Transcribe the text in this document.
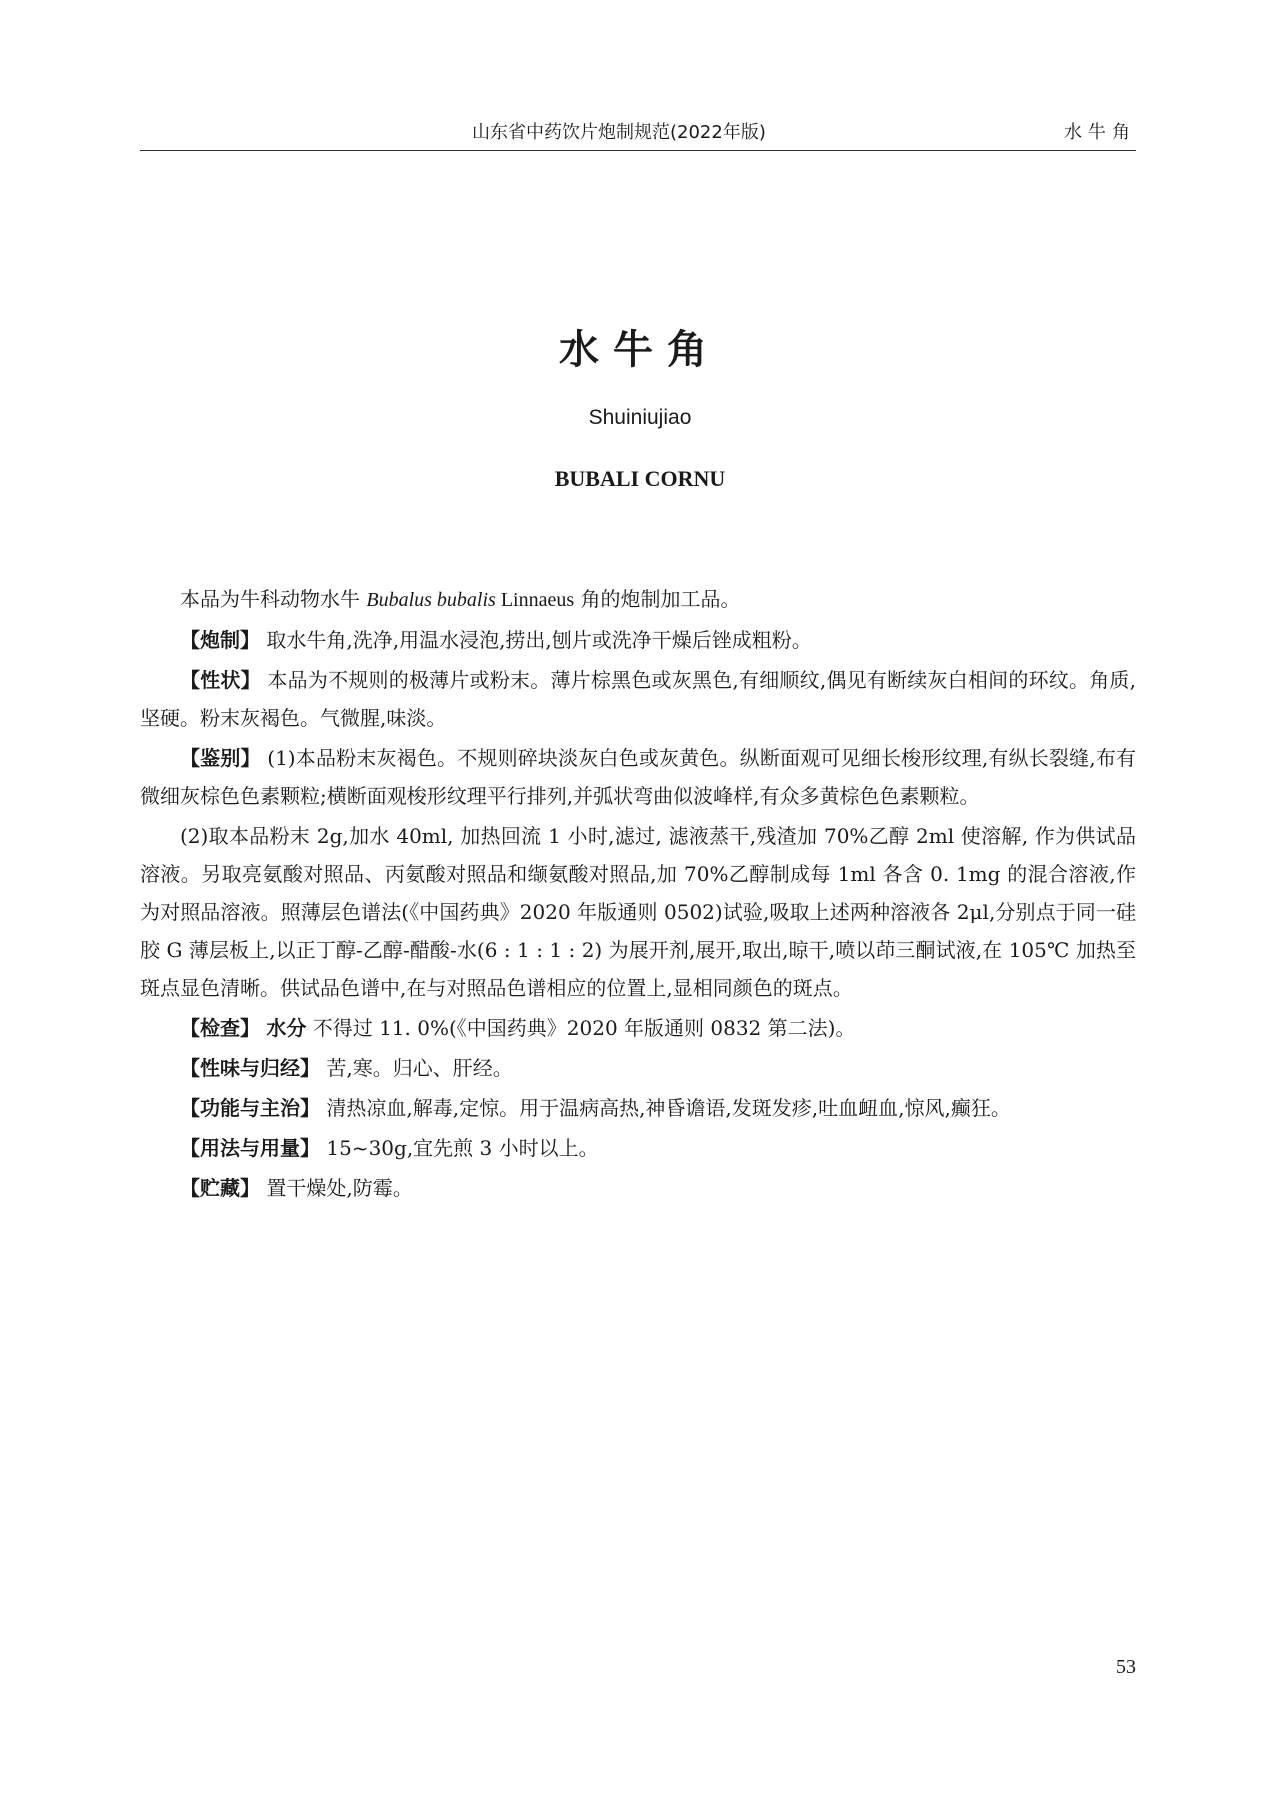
山东省中药饮片炮制规范(2022年版)	水牛角
水牛角
Shuiniujiao
BUBALI CORNU

本品为牛科动物水牛 Bubalus bubalis Linnaeus 角的炮制加工品。

【炮制】 取水牛角,洗净,用温水浸泡,捞出,刨片或洗净干燥后锉成粗粉。

【性状】 本品为不规则的极薄片或粉末。薄片棕黑色或灰黑色,有细顺纹,偶见有断续灰白相间的环纹。角质,坚硬。粉末灰褐色。气微腥,味淡。

【鉴别】 (1)本品粉末灰褐色。不规则碎块淡灰白色或灰黄色。纵断面观可见细长梭形纹理,有纵长裂缝,布有微细灰棕色色素颗粒;横断面观梭形纹理平行排列,并弧状弯曲似波峰样,有众多黄棕色色素颗粒。

(2)取本品粉末 2g,加水 40ml, 加热回流 1 小时,滤过, 滤液蒸干,残渣加 70%乙醇 2ml 使溶解, 作为供试品溶液。另取亮氨酸对照品、丙氨酸对照品和缬氨酸对照品,加 70%乙醇制成每 1ml 各含 0. 1mg 的混合溶液,作为对照品溶液。照薄层色谱法(《中国药典》2020 年版通则 0502)试验,吸取上述两种溶液各 2μl,分别点于同一硅胶 G 薄层板上,以正丁醇-乙醇-醋酸-水(6 : 1 : 1 : 2) 为展开剂,展开,取出,晾干,喷以茚三酮试液,在 105℃ 加热至斑点显色清晰。供试品色谱中,在与对照品色谱相应的位置上,显相同颜色的斑点。

【检查】 水分 不得过 11. 0%(《中国药典》2020 年版通则 0832 第二法)。

【性味与归经】 苦,寒。归心、肝经。

【功能与主治】 清热凉血,解毒,定惊。用于温病高热,神昏谵语,发斑发疹,吐血衄血,惊风,癫狂。

【用法与用量】 15~30g,宜先煎 3 小时以上。

【贮藏】 置干燥处,防霉。

53
